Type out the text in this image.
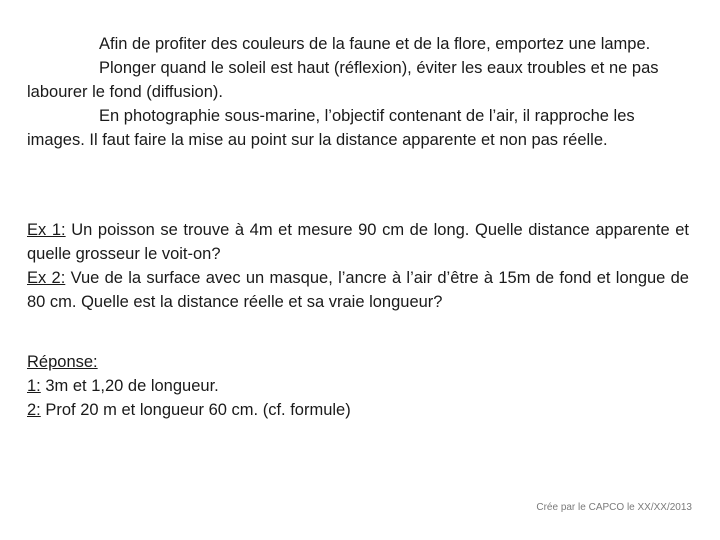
Afin de profiter des couleurs de la faune et de la flore, emportez une lampe.

Plonger quand le soleil est haut (réflexion), éviter les eaux troubles et ne pas labourer le fond (diffusion).

En photographie sous-marine, l’objectif contenant de l’air, il rapproche les images. Il faut faire la mise au point sur la distance apparente et non pas réelle.

Ex 1: Un poisson se trouve à 4m et mesure 90 cm de long. Quelle distance apparente et quelle grosseur le voit-on?

Ex 2: Vue de la surface avec un masque, l’ancre à l’air d’être à 15m de fond et longue de 80 cm. Quelle est la distance réelle et sa vraie longueur?

Réponse:

1: 3m et 1,20 de longueur.

2: Prof 20 m et longueur 60 cm. (cf. formule)

Crée par le CAPCO le XX/XX/2013
